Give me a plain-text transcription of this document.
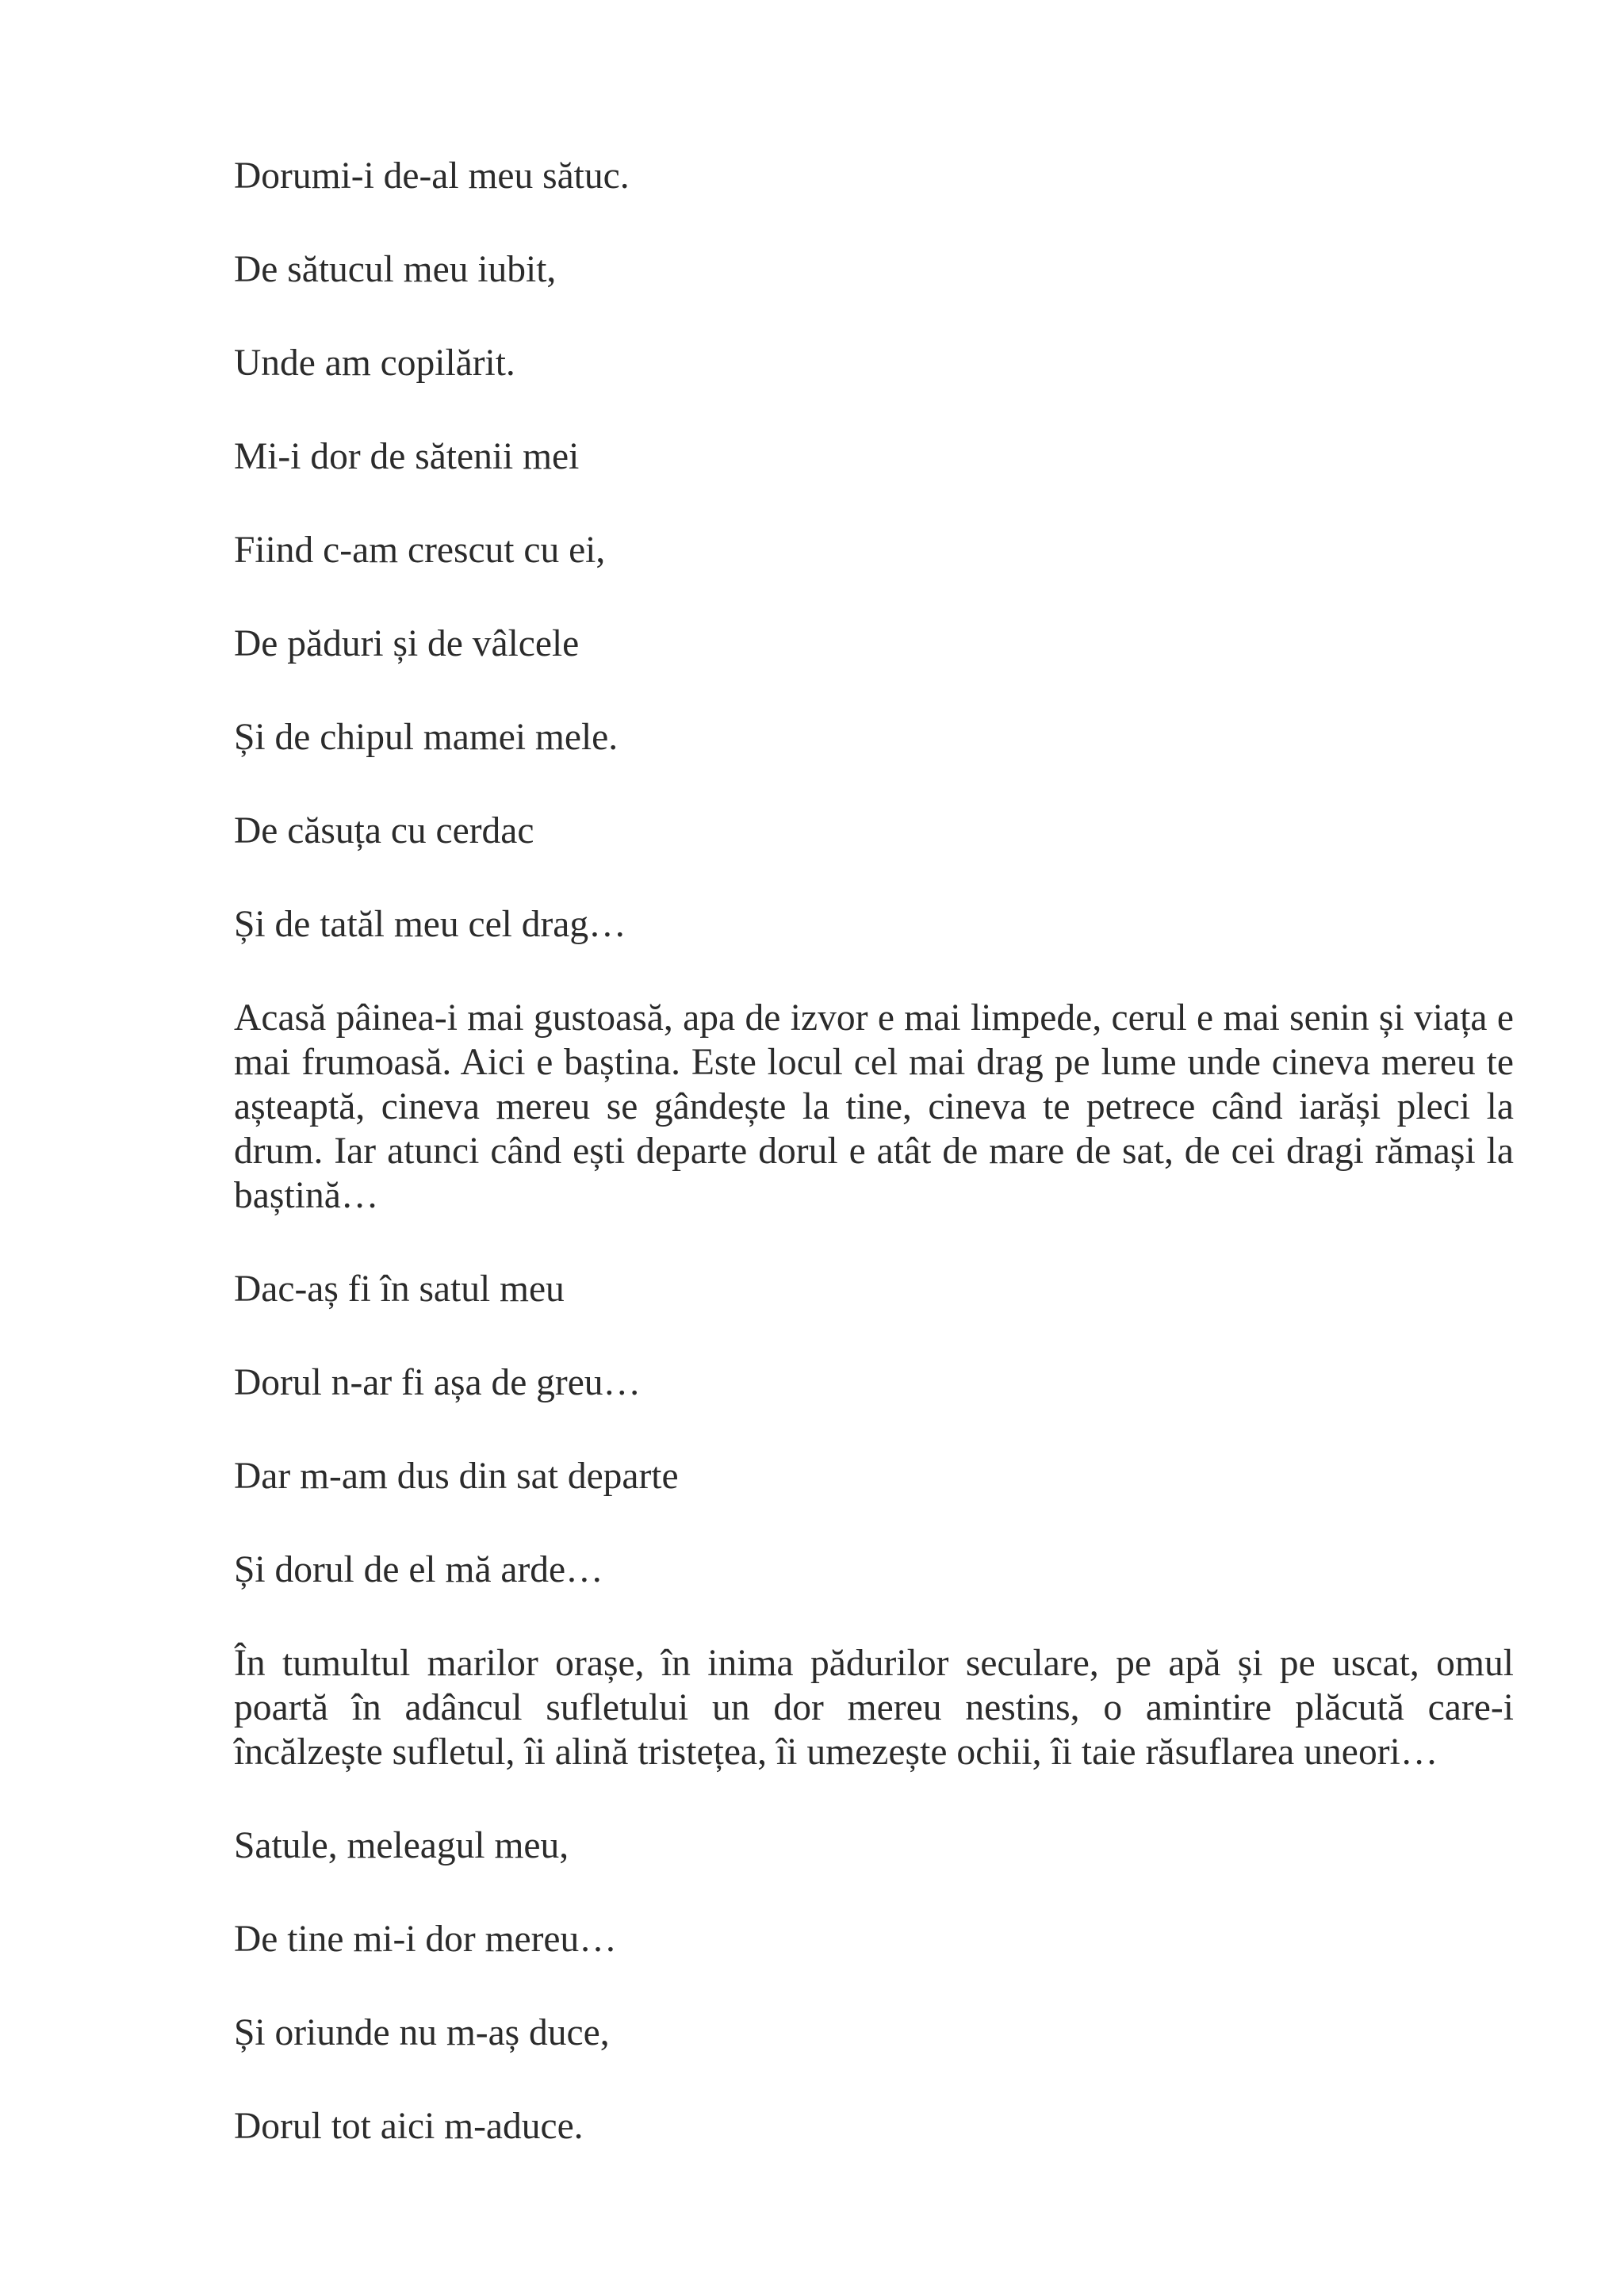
Dorumi-i de-al meu sătuc.

De sătucul meu iubit,

Unde am copilărit.

Mi-i dor de sătenii mei

Fiind c-am crescut cu ei,

De păduri și de vâlcele

Și de chipul mamei mele.

De căsuța cu cerdac

Și de tatăl meu cel drag…

Acasă pâinea-i mai gustoasă, apa de izvor e mai limpede, cerul e mai senin și viața e mai frumoasă. Aici e baștina. Este locul cel mai drag pe lume unde cineva mereu te așteaptă, cineva mereu se gândește la tine, cineva te petrece când iarăși pleci la drum. Iar atunci când ești departe dorul e atât de mare de sat, de cei dragi rămași la baștină…

Dac-aș fi în satul meu

Dorul n-ar fi așa de greu…

Dar m-am dus din sat departe

Și dorul de el mă arde…

În tumultul marilor orașe, în inima pădurilor seculare, pe apă și pe uscat, omul poartă în adâncul sufletului un dor mereu nestins, o amintire plăcută care-i încălzește sufletul, îi alină tristețea, îi umezește ochii, îi taie răsuflarea uneori…

Satule, meleagul meu,

De tine mi-i dor mereu…

Și oriunde nu m-aș duce,

Dorul tot aici m-aduce.
